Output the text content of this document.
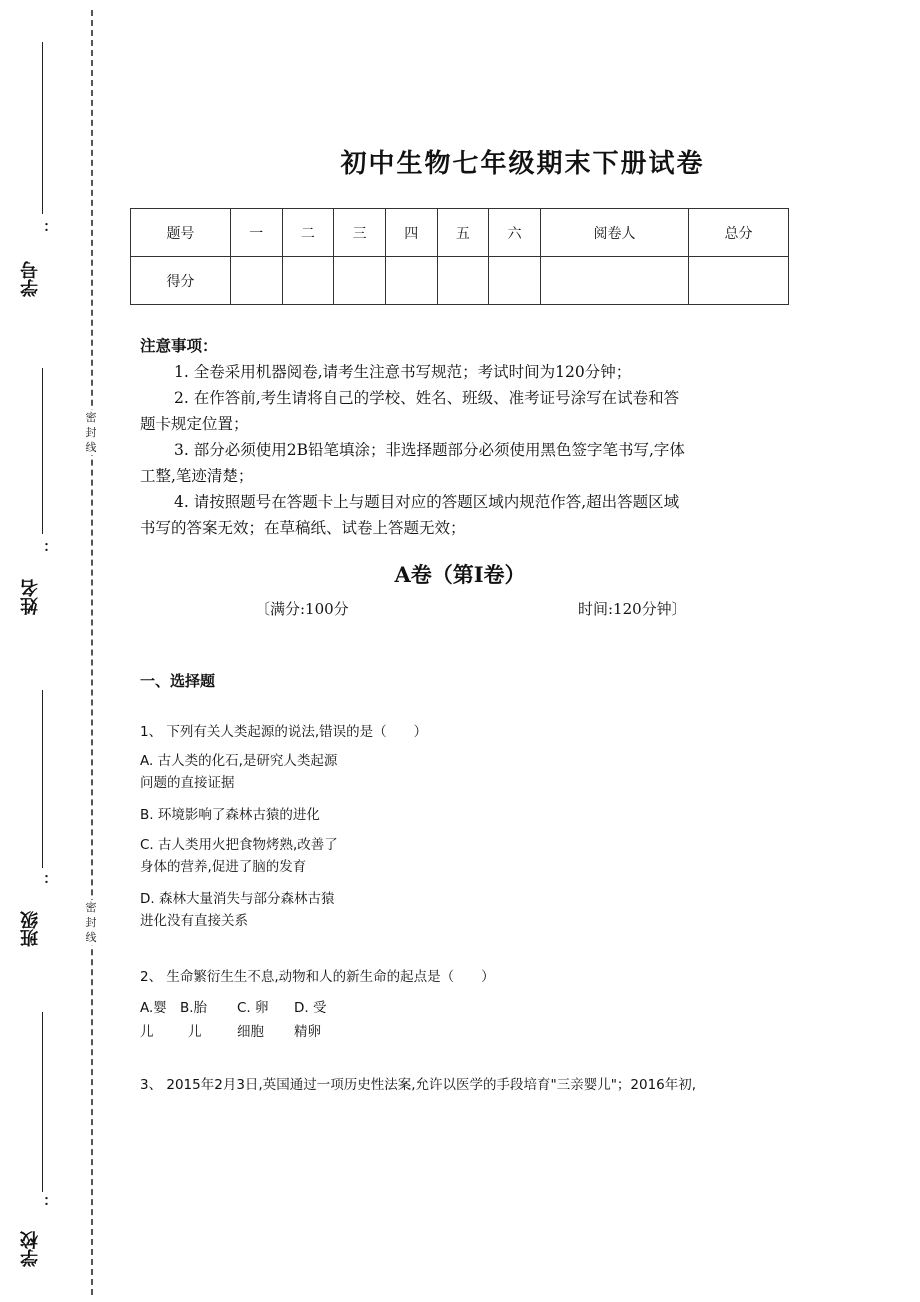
密封线
密封线
：
学号
：
姓名
：
班级
：
学校
初中生物七年级期末下册试卷
题号	一	二	三	四	五	六	阅卷人	总分
得分								
注意事项：
1. 全卷采用机器阅卷,请考生注意书写规范；考试时间为120分钟；
2. 在作答前,考生请将自己的学校、姓名、班级、准考证号涂写在试卷和答
题卡规定位置；
3. 部分必须使用2B铅笔填涂；非选择题部分必须使用黑色签字笔书写,字体
工整,笔迹清楚；
4. 请按照题号在答题卡上与题目对应的答题区域内规范作答,超出答题区域
书写的答案无效；在草稿纸、试卷上答题无效；
A卷（第I卷）
〔满分:100分	时间:120分钟〕
一、选择题
1、 下列有关人类起源的说法,错误的是（　　）
A. 古人类的化石,是研究人类起源
问题的直接证据
B. 环境影响了森林古猿的进化
C. 古人类用火把食物烤熟,改善了
身体的营养,促进了脑的发育
D. 森林大量消失与部分森林古猿
进化没有直接关系
2、 生命繁衍生生不息,动物和人的新生命的起点是（　　）
A.婴 B.胎 C. 卵 D. 受
儿	儿	细胞 精卵
3、 2015年2月3日,英国通过一项历史性法案,允许以医学的手段培育"三亲婴儿"；2016年初,
